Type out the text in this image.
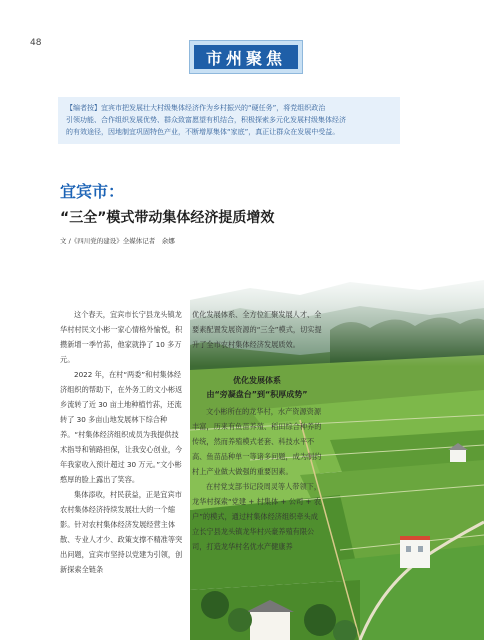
48
市州聚焦
【编者按】宜宾市把发展壮大村级集体经济作为乡村振兴的“硬任务”，将党组织政治
引领功能、合作组织发展优势、群众致富愿望有机结合，积极探索多元化发展村级集体经济
的有效途径，因地制宜巩固特色产业，不断增厚集体“家底”，真正让群众在发展中受益。
宜宾市：
“三全”模式带动集体经济提质增效
文 /《四川党的建设》全媒体记者　余娜

这个春天，宜宾市长宁县龙头镇龙华村村民文小彬一家心情格外愉悦，积攒新增一季竹荪，他家就挣了 10 多万元。

2022 年，在村“两委”和村集体经济组织的帮助下，在外务工的文小彬返乡流转了近 30 亩土地种植竹荪，还流转了 30 多亩山地发展林下综合种养。“村集体经济组织成员为我提供技术指导和销路担保，让我安心创业，今年我家收入预计超过 30 万元。”文小彬憨厚的脸上露出了笑容。

集体添收，村民获益，正是宜宾市农村集体经济持续发展壮大的一个缩影。针对农村集体经济发展经营主体散、专业人才少、政策支撑不精准等突出问题，宜宾市坚持以党建为引领，创新探索全链条

优化发展体系、全方位汇聚发展人才、全要素配置发展资源的“三全”模式，切实提升了全市农村集体经济发展质效。

优化发展体系
由“旁凝盘台”到“积厚成势”

文小彬所在的龙华村，水产资源资源丰富，历来有鱼苗养殖、稻田综合种养的传统，然而养殖模式老套、科技水平不高、鱼苗品种单一等诸多问题，成为制约村上产业做大做强的重要因素。

在村党支部书记段周灵等人带领下，龙华村探索“党建 + 村集体 + 公司 + 农户”的模式，通过村集体经济组织牵头成立长宁县龙头镇龙华村兴豪养殖有限公司，打造龙华村名优水产健康养
